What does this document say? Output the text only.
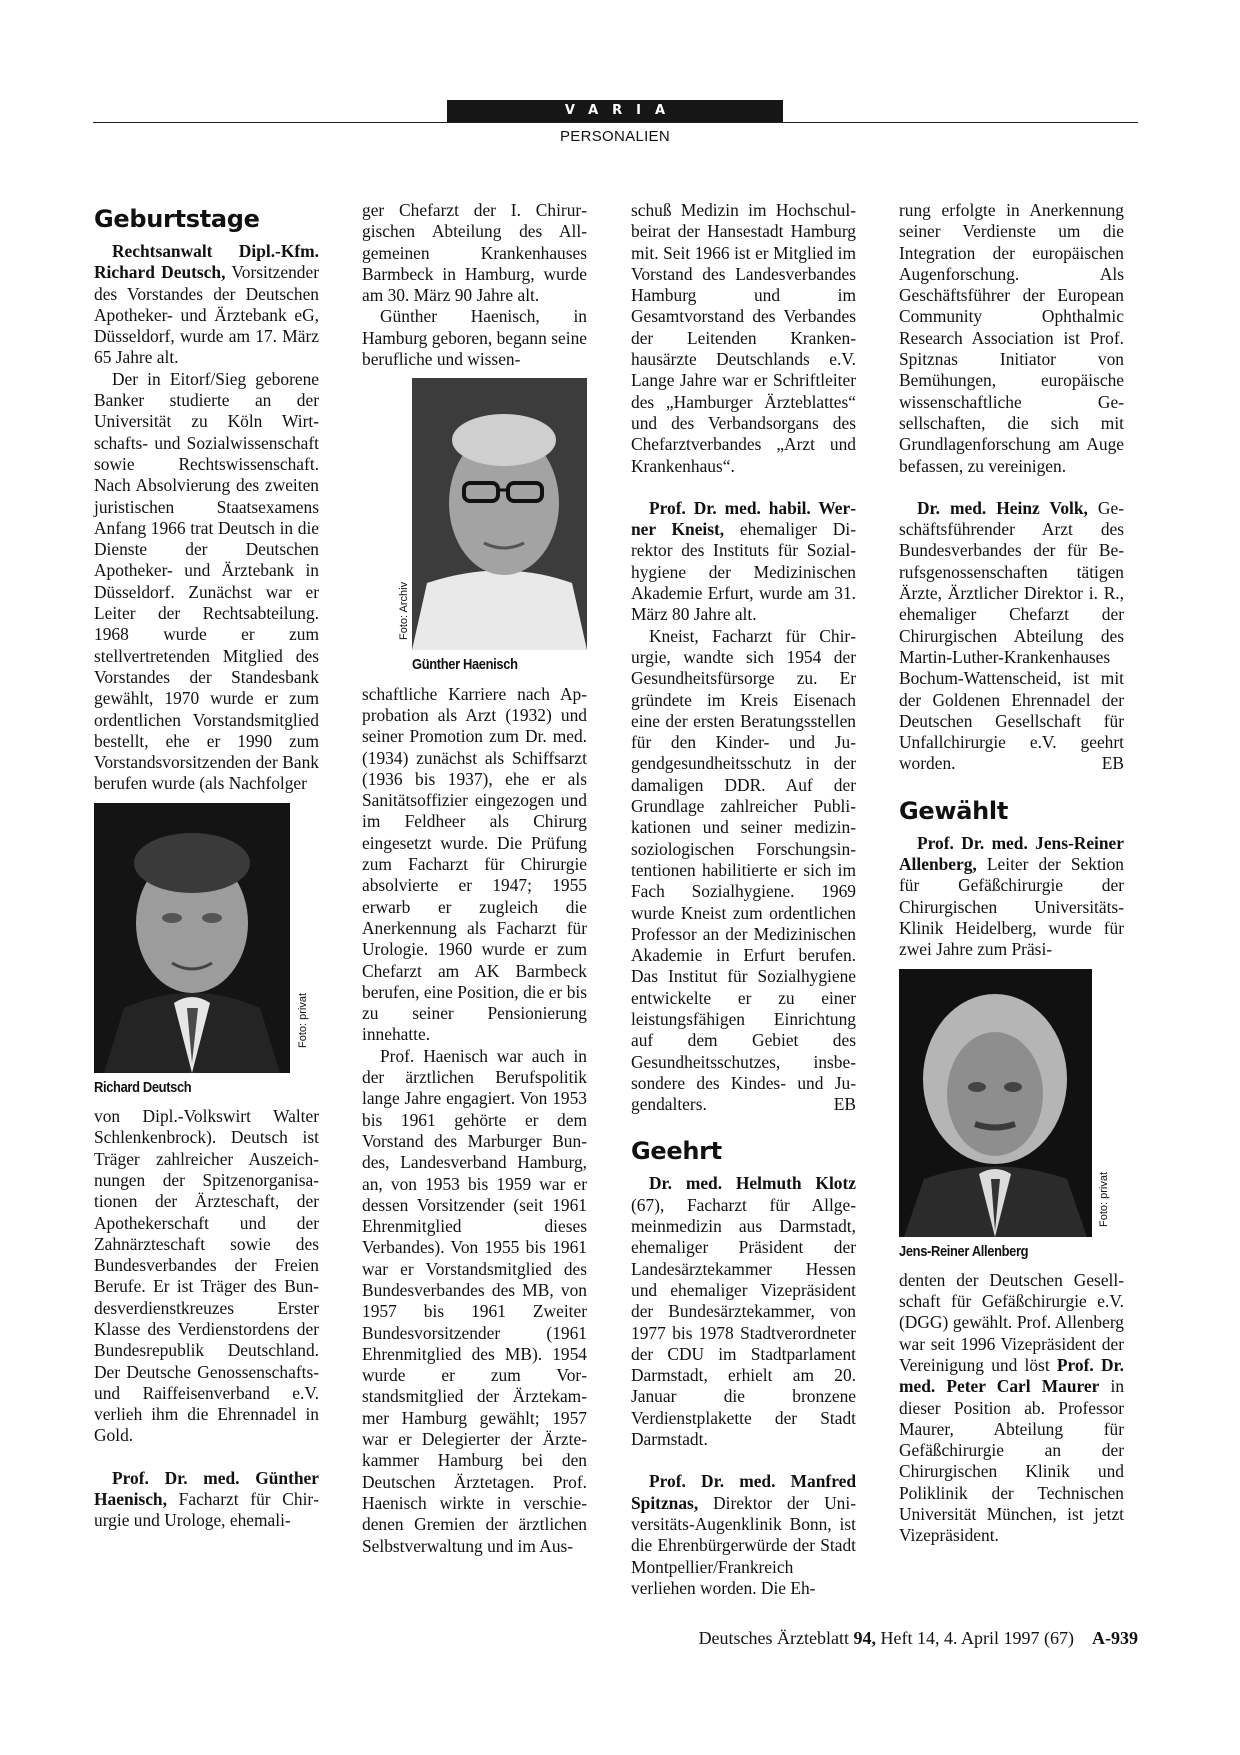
VARIA
PERSONALIEN
Geburtstage

Rechtsanwalt Dipl.-Kfm. Richard Deutsch, Vorsitzender des Vorstandes der Deutschen Apotheker- und Ärztebank eG, Düsseldorf, wurde am 17. März 65 Jahre alt.

Der in Eitorf/Sieg geborene Banker studierte an der Universität zu Köln Wirtschafts- und Sozialwissenschaft sowie Rechtswissenschaft. Nach Absolvierung des zweiten juristischen Staatsexamens Anfang 1966 trat Deutsch in die Dienste der Deutschen Apotheker- und Ärztebank in Düsseldorf. Zunächst war er Leiter der Rechtsabteilung. 1968 wurde er zum stellvertretenden Mitglied des Vorstandes der Standesbank gewählt, 1970 wurde er zum ordentlichen Vorstandsmitglied bestellt, ehe er 1990 zum Vorstandsvorsitzenden der Bank berufen wurde (als Nachfolger

Foto: privat
Richard Deutsch

von Dipl.-Volkswirt Walter Schlenkenbrock). Deutsch ist Träger zahlreicher Auszeichnungen der Spitzenorganisationen der Ärzteschaft, der Apothekerschaft und der Zahnärzteschaft sowie des Bundesverbandes der Freien Berufe. Er ist Träger des Bundesverdienstkreuzes Erster Klasse des Verdienstordens der Bundesrepublik Deutschland. Der Deutsche Genossenschafts- und Raiffeisenverband e.V. verlieh ihm die Ehrennadel in Gold.

Prof. Dr. med. Günther Haenisch, Facharzt für Chirurgie und Urologe, ehemali-

ger Chefarzt der I. Chirurgischen Abteilung des Allgemeinen Krankenhauses Barmbeck in Hamburg, wurde am 30. März 90 Jahre alt.

Günther Haenisch, in Hamburg geboren, begann seine berufliche und wissen-

Foto: Archiv
Günther Haenisch

schaftliche Karriere nach Approbation als Arzt (1932) und seiner Promotion zum Dr. med. (1934) zunächst als Schiffsarzt (1936 bis 1937), ehe er als Sanitätsoffizier eingezogen und im Feldheer als Chirurg eingesetzt wurde. Die Prüfung zum Facharzt für Chirurgie absolvierte er 1947; 1955 erwarb er zugleich die Anerkennung als Facharzt für Urologie. 1960 wurde er zum Chefarzt am AK Barmbeck berufen, eine Position, die er bis zu seiner Pensionierung innehatte.

Prof. Haenisch war auch in der ärztlichen Berufspolitik lange Jahre engagiert. Von 1953 bis 1961 gehörte er dem Vorstand des Marburger Bundes, Landesverband Hamburg, an, von 1953 bis 1959 war er dessen Vorsitzender (seit 1961 Ehrenmitglied dieses Verbandes). Von 1955 bis 1961 war er Vorstandsmitglied des Bundesverbandes des MB, von 1957 bis 1961 Zweiter Bundesvorsitzender (1961 Ehrenmitglied des MB). 1954 wurde er zum Vorstandsmitglied der Ärztekammer Hamburg gewählt; 1957 war er Delegierter der Ärztekammer Hamburg bei den Deutschen Ärztetagen. Prof. Haenisch wirkte in verschiedenen Gremien der ärztlichen Selbstverwaltung und im Aus-

schuß Medizin im Hochschulbeirat der Hansestadt Hamburg mit. Seit 1966 ist er Mitglied im Vorstand des Landesverbandes Hamburg und im Gesamtvorstand des Verbandes der Leitenden Krankenhausärzte Deutschlands e.V. Lange Jahre war er Schriftleiter des „Hamburger Ärzteblattes“ und des Verbandsorgans des Chefarztverbandes „Arzt und Krankenhaus“.

Prof. Dr. med. habil. Werner Kneist, ehemaliger Direktor des Instituts für Sozialhygiene der Medizinischen Akademie Erfurt, wurde am 31. März 80 Jahre alt.

Kneist, Facharzt für Chirurgie, wandte sich 1954 der Gesundheitsfürsorge zu. Er gründete im Kreis Eisenach eine der ersten Beratungsstellen für den Kinder- und Jugendgesundheitsschutz in der damaligen DDR. Auf der Grundlage zahlreicher Publikationen und seiner medizinsoziologischen Forschungsintentionen habilitierte er sich im Fach Sozialhygiene. 1969 wurde Kneist zum ordentlichen Professor an der Medizinischen Akademie in Erfurt berufen. Das Institut für Sozialhygiene entwickelte er zu einer leistungsfähigen Einrichtung auf dem Gebiet des Gesundheitsschutzes, insbesondere des Kindes- und Jugendalters.	EB

Geehrt

Dr. med. Helmuth Klotz (67), Facharzt für Allgemeinmedizin aus Darmstadt, ehemaliger Präsident der Landesärztekammer Hessen und ehemaliger Vizepräsident der Bundesärztekammer, von 1977 bis 1978 Stadtverordneter der CDU im Stadtparlament Darmstadt, erhielt am 20. Januar die bronzene Verdienstplakette der Stadt Darmstadt.

Prof. Dr. med. Manfred Spitznas, Direktor der Universitäts-Augenklinik Bonn, ist die Ehrenbürgerwürde der Stadt Montpellier/Frankreich verliehen worden. Die Eh-

rung erfolgte in Anerkennung seiner Verdienste um die Integration der europäischen Augenforschung. Als Geschäftsführer der European Community Ophthalmic Research Association ist Prof. Spitznas Initiator von Bemühungen, europäische wissenschaftliche Gesellschaften, die sich mit Grundlagenforschung am Auge befassen, zu vereinigen.

Dr. med. Heinz Volk, Geschäftsführender Arzt des Bundesverbandes der für Berufsgenossenschaften tätigen Ärzte, Ärztlicher Direktor i. R., ehemaliger Chefarzt der Chirurgischen Abteilung des Martin-Luther-Krankenhauses Bochum-Wattenscheid, ist mit der Goldenen Ehrennadel der Deutschen Gesellschaft für Unfallchirurgie e.V. geehrt worden.	EB

Gewählt

Prof. Dr. med. Jens-Reiner Allenberg, Leiter der Sektion für Gefäßchirurgie der Chirurgischen Universitäts-Klinik Heidelberg, wurde für zwei Jahre zum Präsi-

Foto: privat
Jens-Reiner Allenberg

denten der Deutschen Gesellschaft für Gefäßchirurgie e.V. (DGG) gewählt. Prof. Allenberg war seit 1996 Vizepräsident der Vereinigung und löst Prof. Dr. med. Peter Carl Maurer in dieser Position ab. Professor Maurer, Abteilung für Gefäßchirurgie an der Chirurgischen Klinik und Poliklinik der Technischen Universität München, ist jetzt Vizepräsident.

Deutsches Ärzteblatt 94, Heft 14, 4. April 1997 (67) A-939
